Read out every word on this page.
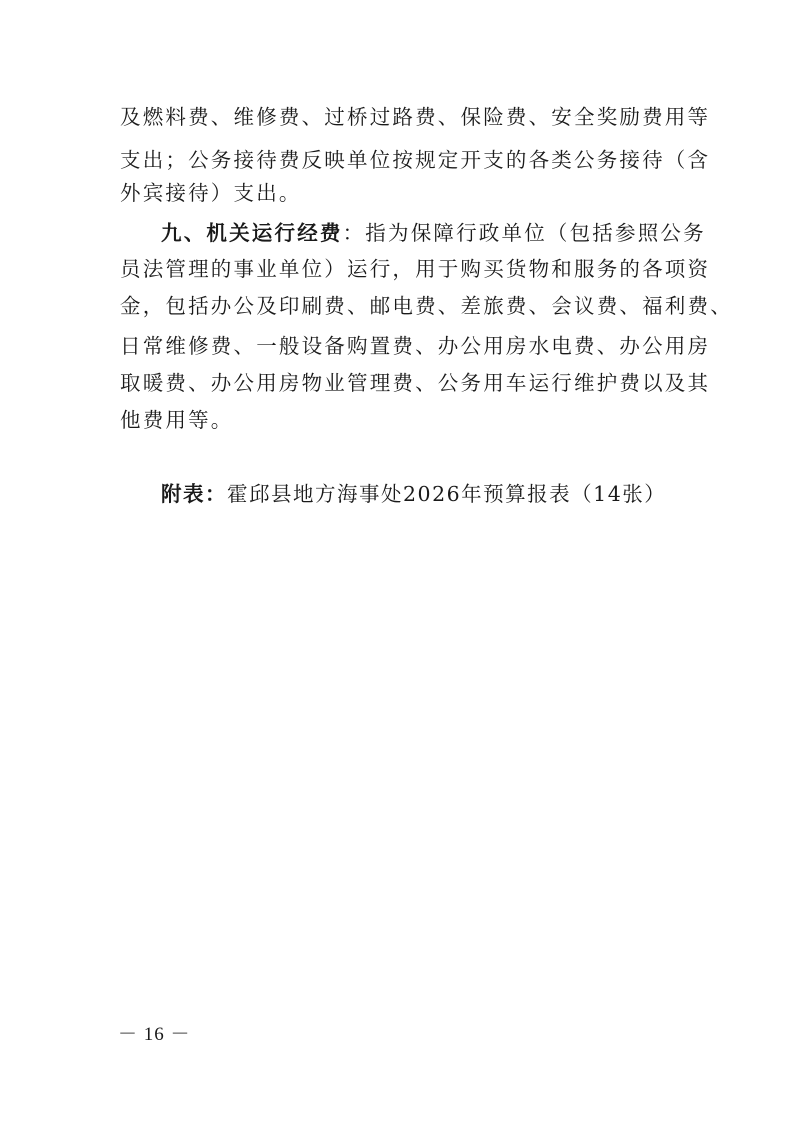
及燃料费、维修费、过桥过路费、保险费、安全奖励费用等
支出；公务接待费反映单位按规定开支的各类公务接待（含
外宾接待）支出。
九、机关运行经费：指为保障行政单位（包括参照公务
员法管理的事业单位）运行，用于购买货物和服务的各项资
金，包括办公及印刷费、邮电费、差旅费、会议费、福利费、
日常维修费、一般设备购置费、办公用房水电费、办公用房
取暖费、办公用房物业管理费、公务用车运行维护费以及其
他费用等。
附表：霍邱县地方海事处2026年预算报表（14张）
－ 16 －
